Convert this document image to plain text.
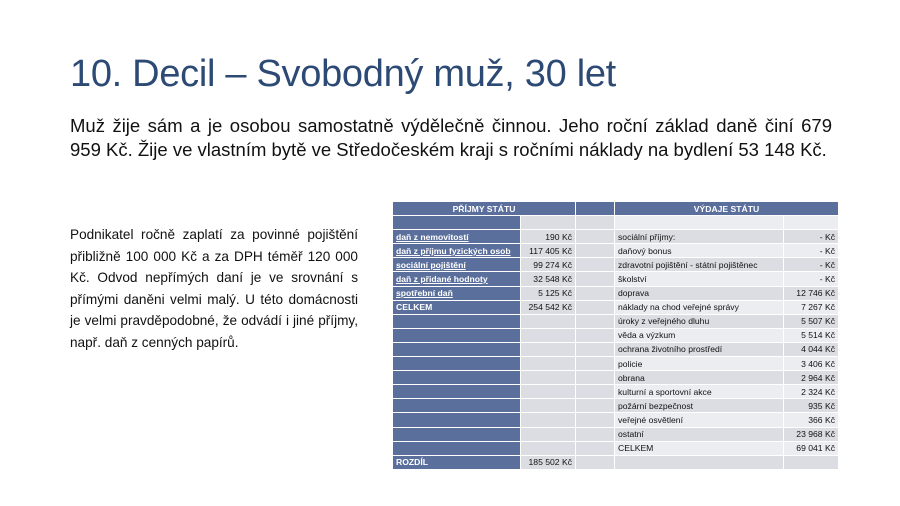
10. Decil – Svobodný muž, 30 let
Muž žije sám a je osobou samostatně výdělečně činnou. Jeho roční základ daně činí 679 959 Kč. Žije ve vlastním bytě ve Středočeském kraji s ročními náklady na bydlení 53 148 Kč.
Podnikatel ročně zaplatí za povinné pojištění přibližně 100 000 Kč a za DPH téměř 120 000 Kč. Odvod nepřímých daní je ve srovnání s přímými daněni velmi malý. U této domácnosti je velmi pravděpodobné, že odvádí i jiné příjmy, např. daň z cenných papírů.
PŘÍJMY STÁTU			VÝDAJE STÁTU	

daň z nemovitostí	190 Kč		sociální příjmy:	- Kč
daň z příjmu fyzických osob	117 405 Kč		daňový bonus	- Kč
sociální pojištění	99 274 Kč		zdravotní pojištění - státní pojištěnec	- Kč
daň z přidané hodnoty	32 548 Kč		školství	- Kč
spotřební daň	5 125 Kč		doprava	12 746 Kč
CELKEM	254 542 Kč		náklady na chod veřejné správy	7 267 Kč
			úroky z veřejného dluhu	5 507 Kč
			věda a výzkum	5 514 Kč
			ochrana životního prostředí	4 044 Kč
			policie	3 406 Kč
			obrana	2 964 Kč
			kulturní a sportovní akce	2 324 Kč
			požární bezpečnost	935 Kč
			veřejné osvětlení	366 Kč
			ostatní	23 968 Kč
			CELKEM	69 041 Kč
ROZDÍL	185 502 Kč			
